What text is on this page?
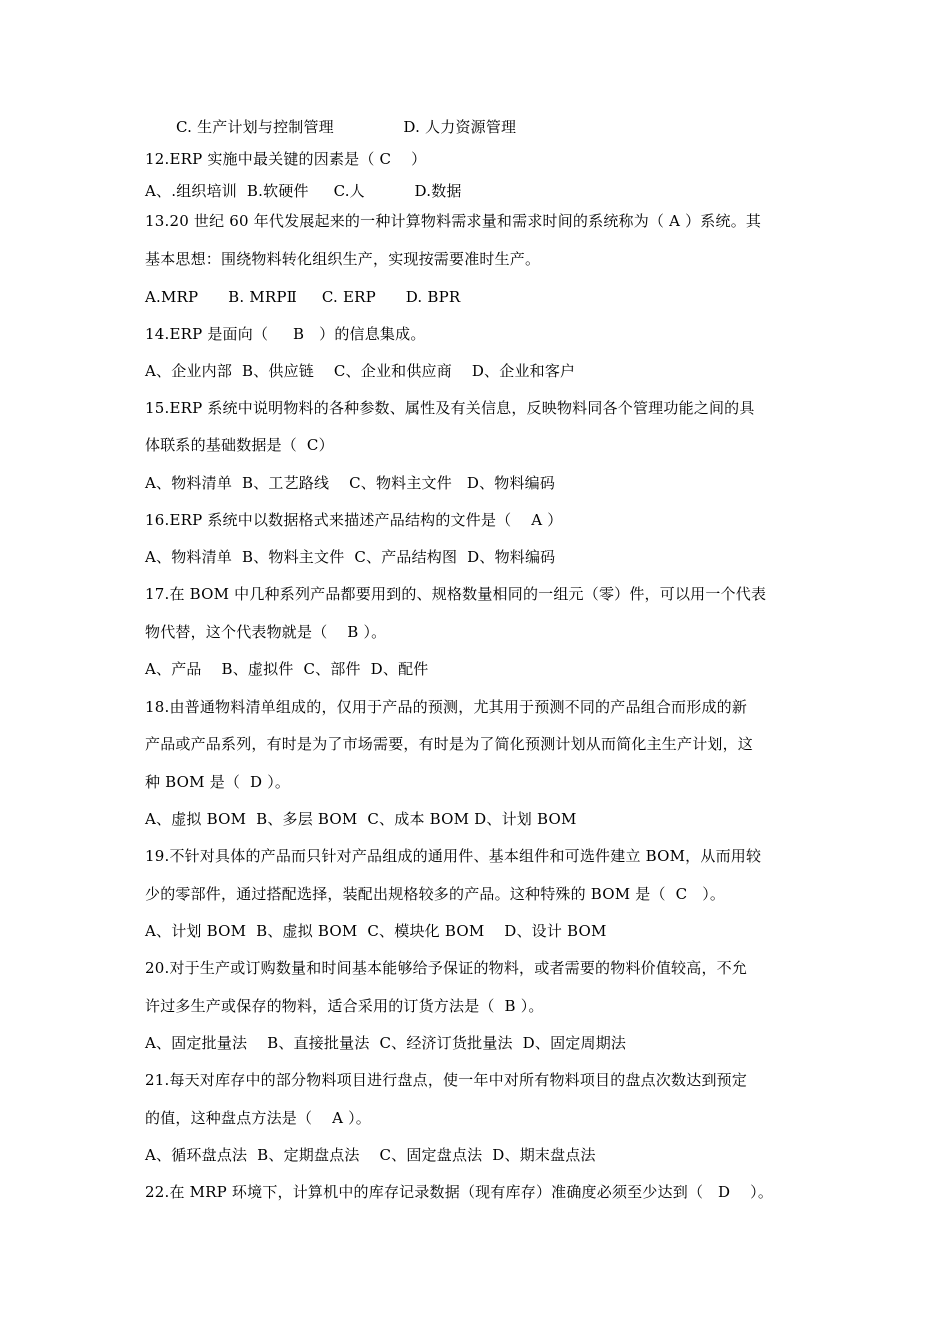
C. 生产计划与控制管理              D. 人力资源管理
12.ERP 实施中最关键的因素是（ C    ）
A、.组织培训  B.软硬件     C.人          D.数据
13.20 世纪 60 年代发展起来的一种计算物料需求量和需求时间的系统称为（ A ）系统。其
基本思想：围绕物料转化组织生产，实现按需要准时生产。
A.MRP      B. MRPⅡ     C. ERP      D. BPR
14.ERP 是面向（     B   ）的信息集成。
A、企业内部  B、供应链    C、企业和供应商    D、企业和客户
15.ERP 系统中说明物料的各种参数、属性及有关信息，反映物料同各个管理功能之间的具
体联系的基础数据是（  C）
A、物料清单  B、工艺路线    C、物料主文件   D、物料编码
16.ERP 系统中以数据格式来描述产品结构的文件是（    A ）
A、物料清单  B、物料主文件  C、产品结构图  D、物料编码
17.在 BOM 中几种系列产品都要用到的、规格数量相同的一组元（零）件，可以用一个代表
物代替，这个代表物就是（    B ）。
A、产品    B、虚拟件  C、部件  D、配件
18.由普通物料清单组成的，仅用于产品的预测，尤其用于预测不同的产品组合而形成的新
产品或产品系列，有时是为了市场需要，有时是为了简化预测计划从而简化主生产计划，这
种 BOM 是（  D ）。
A、虚拟 BOM  B、多层 BOM  C、成本 BOM D、计划 BOM
19.不针对具体的产品而只针对产品组成的通用件、基本组件和可选件建立 BOM，从而用较
少的零部件，通过搭配选择，装配出规格较多的产品。这种特殊的 BOM 是（  C   ）。
A、计划 BOM  B、虚拟 BOM  C、模块化 BOM    D、设计 BOM
20.对于生产或订购数量和时间基本能够给予保证的物料，或者需要的物料价值较高，不允
许过多生产或保存的物料，适合采用的订货方法是（  B ）。
A、固定批量法    B、直接批量法  C、经济订货批量法  D、固定周期法
21.每天对库存中的部分物料项目进行盘点，使一年中对所有物料项目的盘点次数达到预定
的值，这种盘点方法是（    A ）。
A、循环盘点法  B、定期盘点法    C、固定盘点法  D、期末盘点法
22.在 MRP 环境下，计算机中的库存记录数据（现有库存）准确度必须至少达到（   D    ）。
